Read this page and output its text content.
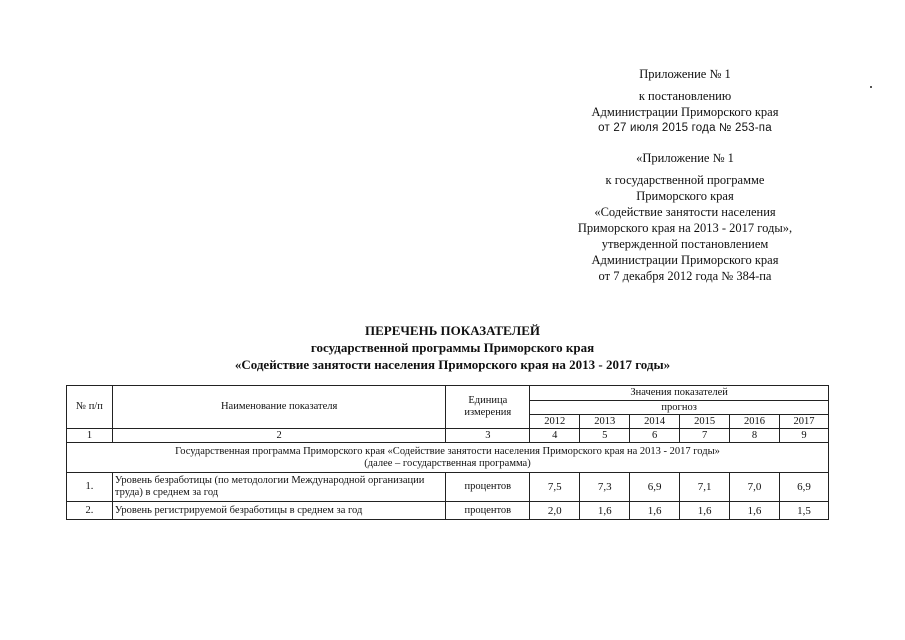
Приложение № 1
к постановлению
Администрации Приморского края
от 27 июля 2015 года № 253-па
«Приложение № 1
к государственной программе
Приморского края
«Содействие занятости населения
Приморского края на 2013 - 2017 годы»,
утвержденной постановлением
Администрации Приморского края
от 7 декабря 2012 года № 384-па
ПЕРЕЧЕНЬ ПОКАЗАТЕЛЕЙ
государственной программы Приморского края
«Содействие занятости населения Приморского края на 2013 - 2017 годы»
№ п/п	Наименование показателя	Единица измерения	Значения показателей					
			прогноз					
			2012	2013	2014	2015	2016	2017
1	2	3	4	5	6	7	8	9

Государственная программа Приморского края «Содействие занятости населения Приморского края на 2013 - 2017 годы»
(далее – государственная программа)								

1.	Уровень безработицы (по методологии Международной организации труда) в среднем за год	процентов	7,5	7,3	6,9	7,1	7,0	6,9
2.	Уровень регистрируемой безработицы в среднем за год	процентов	2,0	1,6	1,6	1,6	1,6	1,5
